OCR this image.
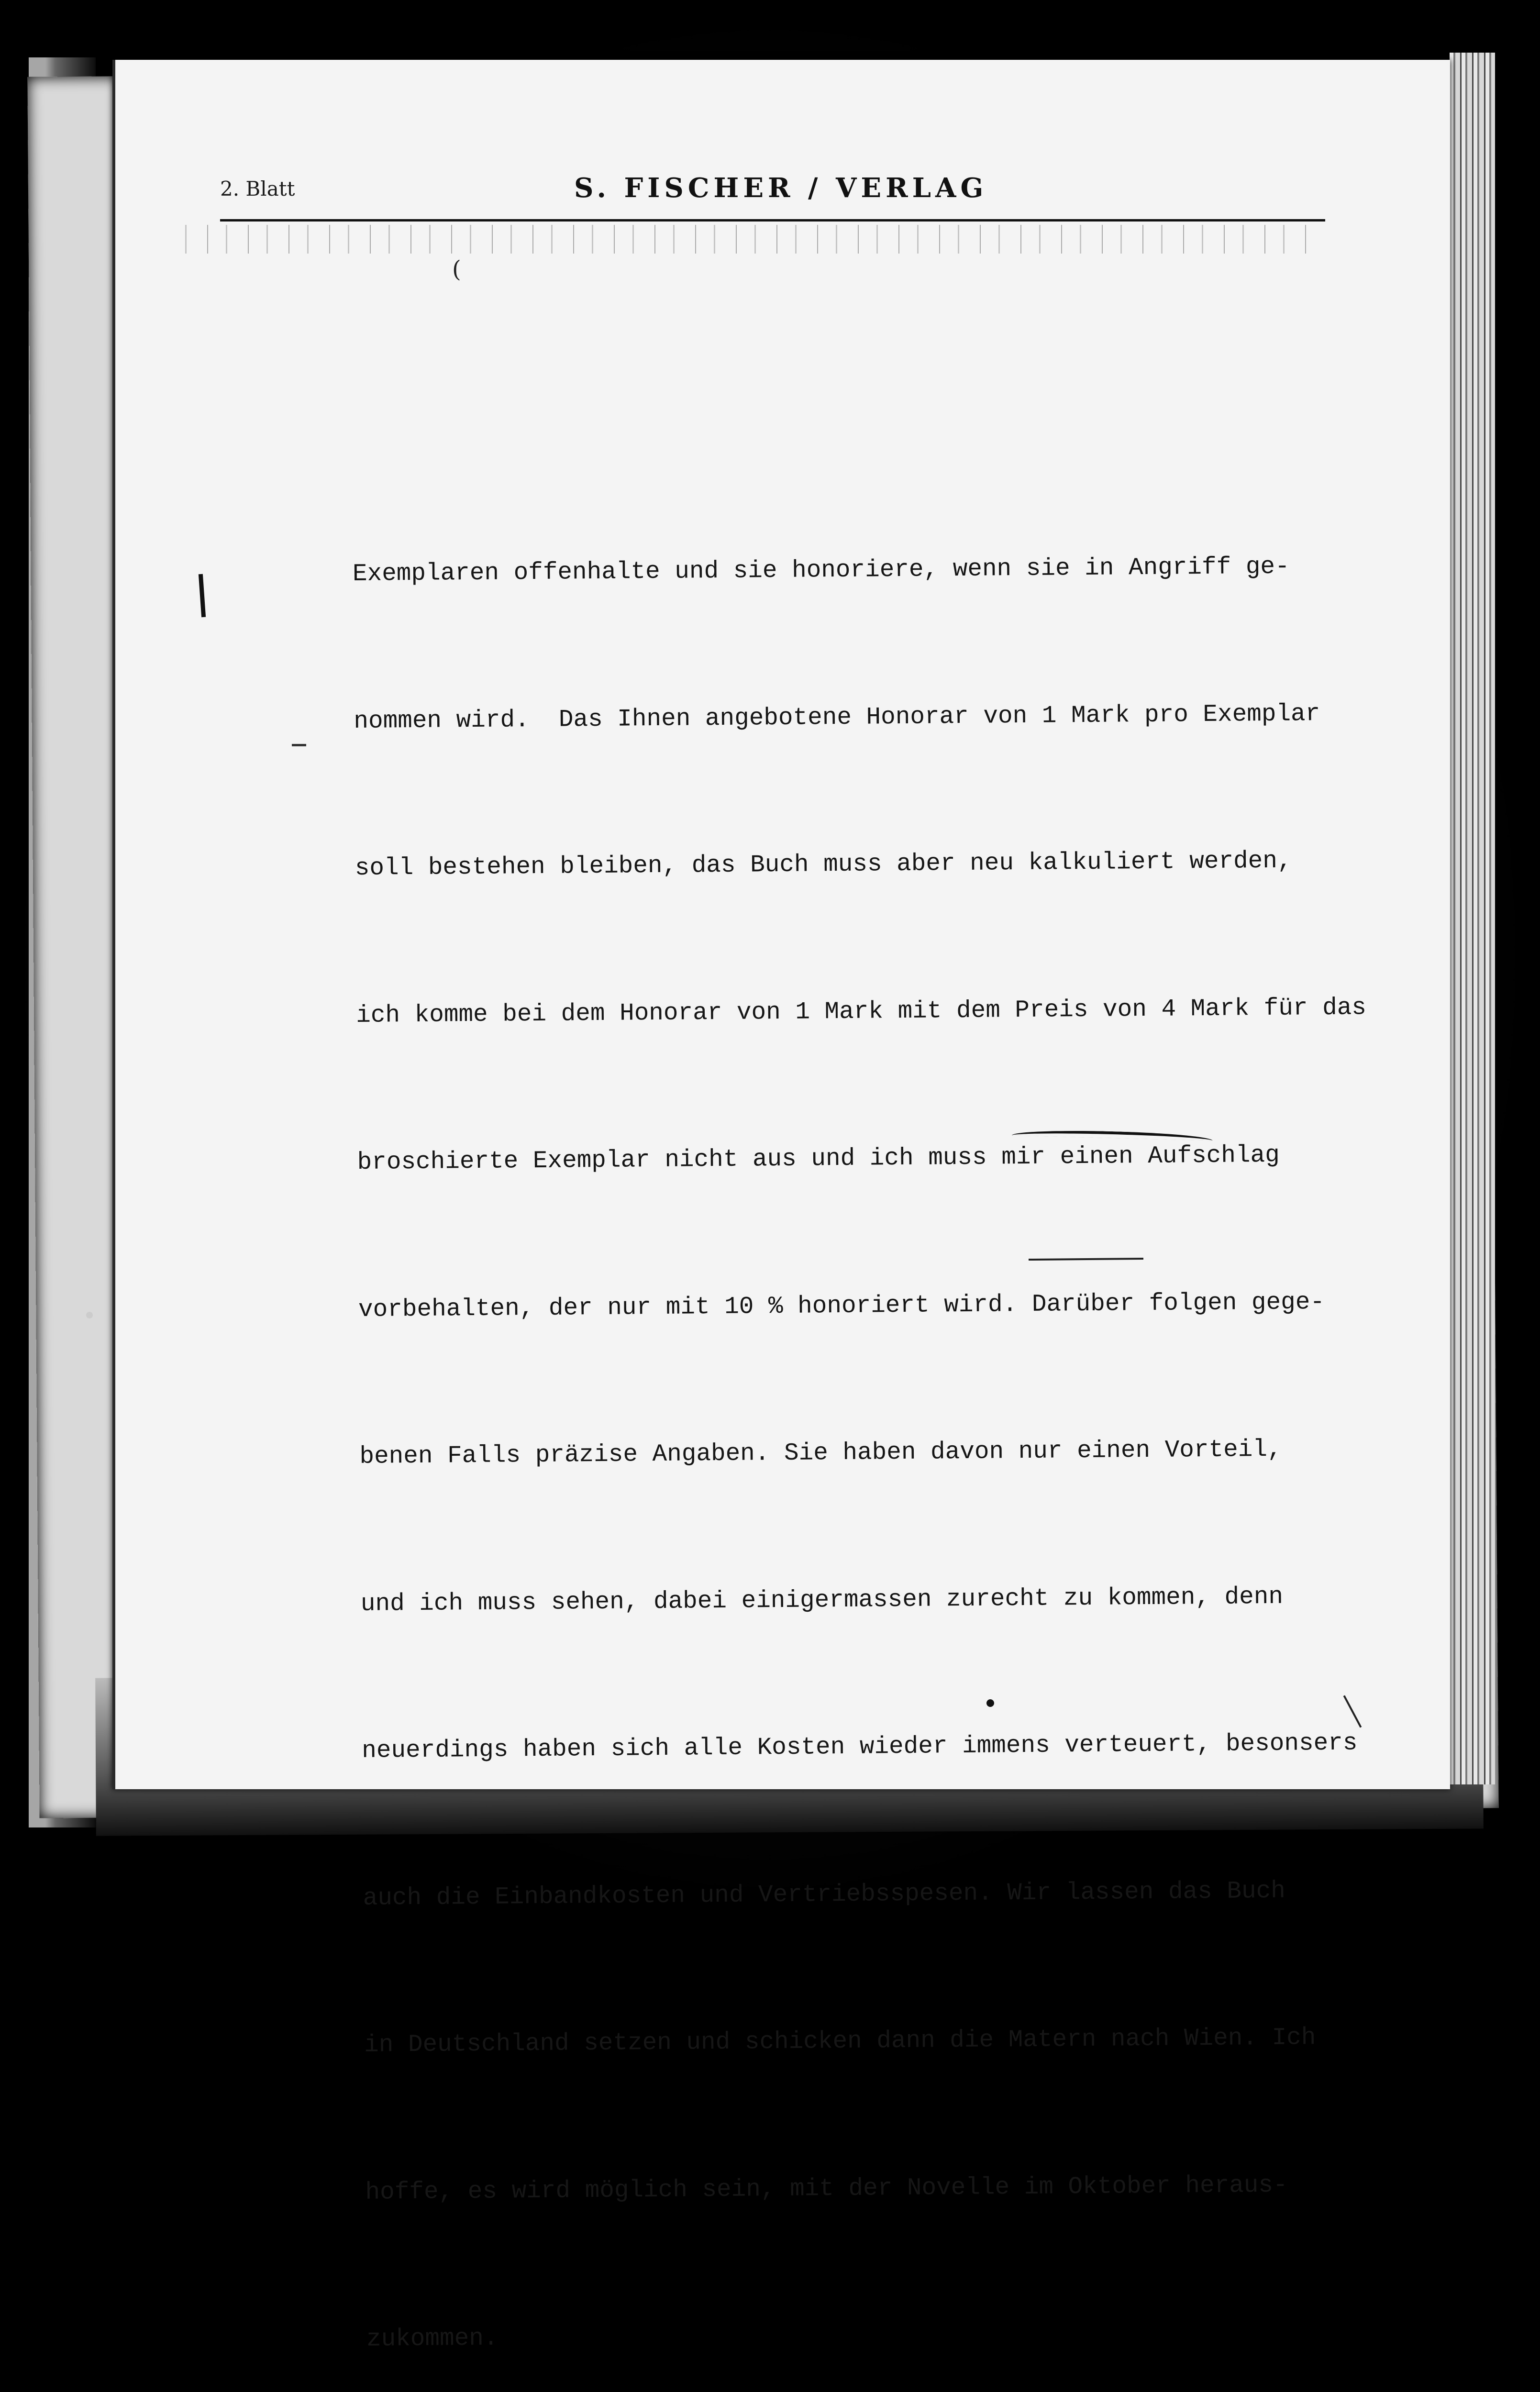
2. Blatt	S. FISCHER / VERLAG
(

Exemplaren offenhalte und sie honoriere, wenn sie in Angriff ge-

nommen wird.  Das Ihnen angebotene Honorar von 1 Mark pro Exemplar

soll bestehen bleiben, das Buch muss aber neu kalkuliert werden,

ich komme bei dem Honorar von 1 Mark mit dem Preis von 4 Mark für das

broschierte Exemplar nicht aus und ich muss mir einen Aufschlag

vorbehalten, der nur mit 10 % honoriert wird. Darüber folgen gege-

benen Falls präzise Angaben. Sie haben davon nur einen Vorteil,

und ich muss sehen, dabei einigermassen zurecht zu kommen, denn

neuerdings haben sich alle Kosten wieder immens verteuert, besonsers

auch die Einbandkosten und Vertriebsspesen. Wir lassen das Buch

in Deutschland setzen und schicken dann die Matern nach Wien. Ich

hoffe, es wird möglich sein, mit der Novelle im Oktober heraus-

zukommen.
